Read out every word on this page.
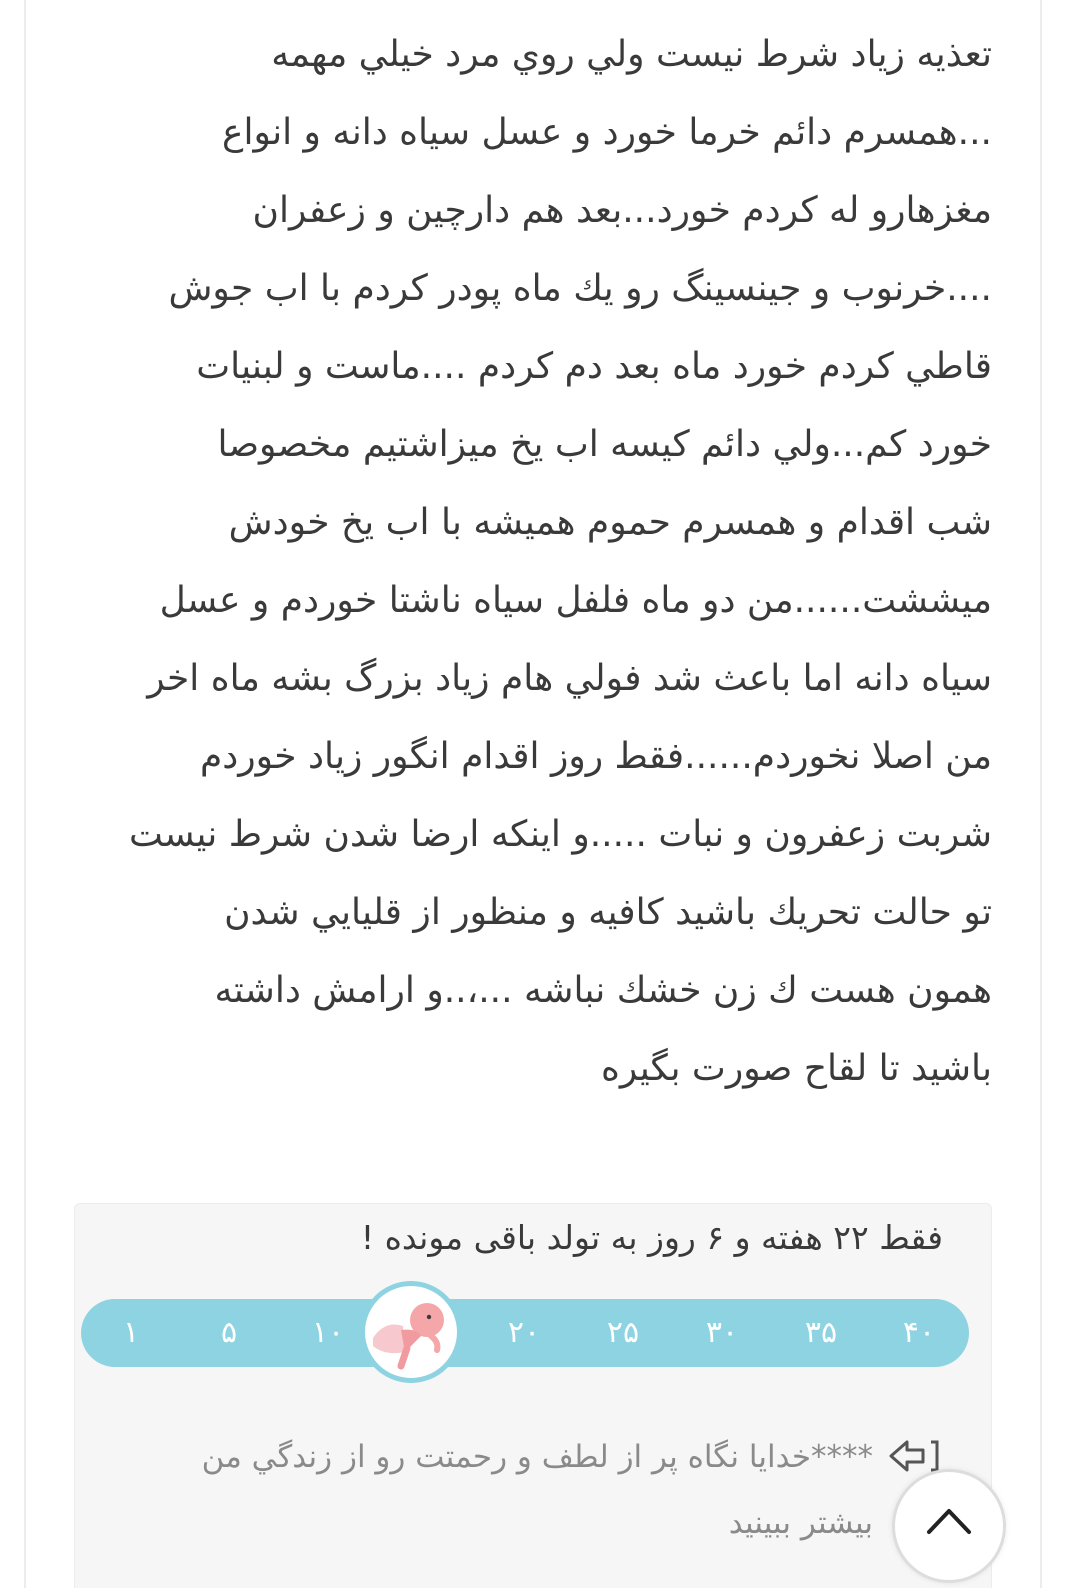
تعذيه زياد شرط نيست ولي روي مرد خيلي مهمه
...همسرم دائم خرما خورد و عسل سياه دانه و انواع
مغزهارو له كردم خورد...بعد هم دارچين و زعفران
....خرنوب و جينسينگ رو يك ماه پودر كردم با اب جوش
قاطي كردم خورد ماه بعد دم كردم ....ماست و لبنيات
خورد كم...ولي دائم كيسه اب يخ ميزاشتيم مخصوصا
شب اقدام و همسرم حموم هميشه با اب يخ خودش
ميششت......من دو ماه فلفل سياه ناشتا خوردم و عسل
سياه دانه اما باعث شد فولي هام زياد بزرگ بشه ماه اخر
من اصلا نخوردم......فقط روز اقدام انگور زياد خوردم
شربت زعفرون و نبات .....و اينكه ارضا شدن شرط نيست
تو حالت تحريك باشيد كافيه و منظور از قليايي شدن
همون هست ك زن خشك نباشه ...،..و ارامش داشته
باشيد تا لقاح صورت بگيره
فقط ۲۲ هفته و ۶ روز به تولد باقی مونده !
۴۰
۳۵
۳۰
۲۵
۲۰
۱۰
۵
۱
****خدايا نگاه پر از لطف و رحمتت رو از زندگي من
بیشتر ببینید
